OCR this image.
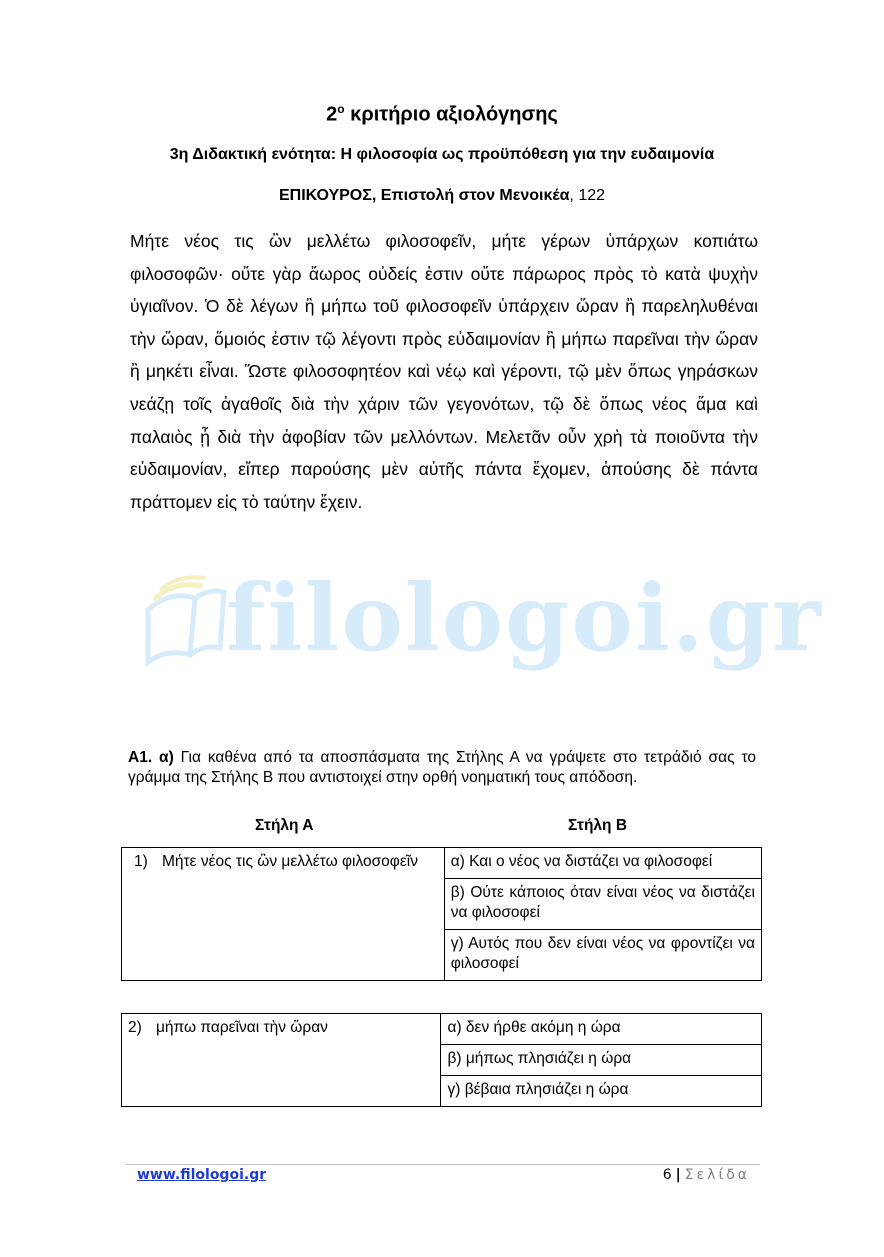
$2^o$ κριτήριο αξιολόγησης
3η Διδακτική ενότητα: Η φιλοσοφία ως προϋπόθεση για την ευδαιμονία
ΕΠΙΚΟΥΡΟΣ, Επιστολή στον Μενοικέα, 122
Μήτε νέος τις ὢν μελλέτω φιλοσοφεῖν, μήτε γέρων ὑπάρχων κοπιάτω φιλοσοφῶν· οὔτε γὰρ ἄωρος οὐδείς ἐστιν οὔτε πάρωρος πρὸς τὸ κατὰ ψυχὴν ὑγιαῖνον. Ὁ δὲ λέγων ἢ μήπω τοῦ φιλοσοφεῖν ὑπάρχειν ὥραν ἢ παρεληλυθέναι τὴν ὥραν, ὅμοιός ἐστιν τῷ λέγοντι πρὸς εὐδαιμονίαν ἢ μήπω παρεῖναι τὴν ὥραν ἢ μηκέτι εἶναι. Ὥστε φιλοσοφητέον καὶ νέῳ καὶ γέροντι, τῷ μὲν ὅπως γηράσκων νεάζῃ τοῖς ἀγαθοῖς διὰ τὴν χάριν τῶν γεγονότων, τῷ δὲ ὅπως νέος ἅμα καὶ παλαιὸς ᾖ διὰ τὴν ἀφοβίαν τῶν μελλόντων. Μελετᾶν οὖν χρὴ τὰ ποιοῦντα τὴν εὐδαιμονίαν, εἴπερ παρούσης μὲν αὐτῆς πάντα ἔχομεν, ἀπούσης δὲ πάντα πράττομεν εἰς τὸ ταύτην ἔχειν.
filologoi.gr
Α1. α) Για καθένα από τα αποσπάσματα της Στήλης Α να γράψετε στο τετράδιό σας το γράμμα της Στήλης Β που αντιστοιχεί στην ορθή νοηματική τους απόδοση.
Στήλη Α	Στήλη Β
1) Μήτε νέος τις ὢν μελλέτω φιλοσοφεῖν	α) Και ο νέος να διστάζει να φιλοσοφεί
β) Ούτε κάποιος όταν είναι νέος να διστάζει να φιλοσοφεί
γ) Αυτός που δεν είναι νέος να φροντίζει να φιλοσοφεί
2) μήπω παρεῖναι τὴν ὥραν	α) δεν ήρθε ακόμη η ώρα
β) μήπως πλησιάζει η ώρα
γ) βέβαια πλησιάζει η ώρα
www.filologoi.gr	6 | Σελίδα
